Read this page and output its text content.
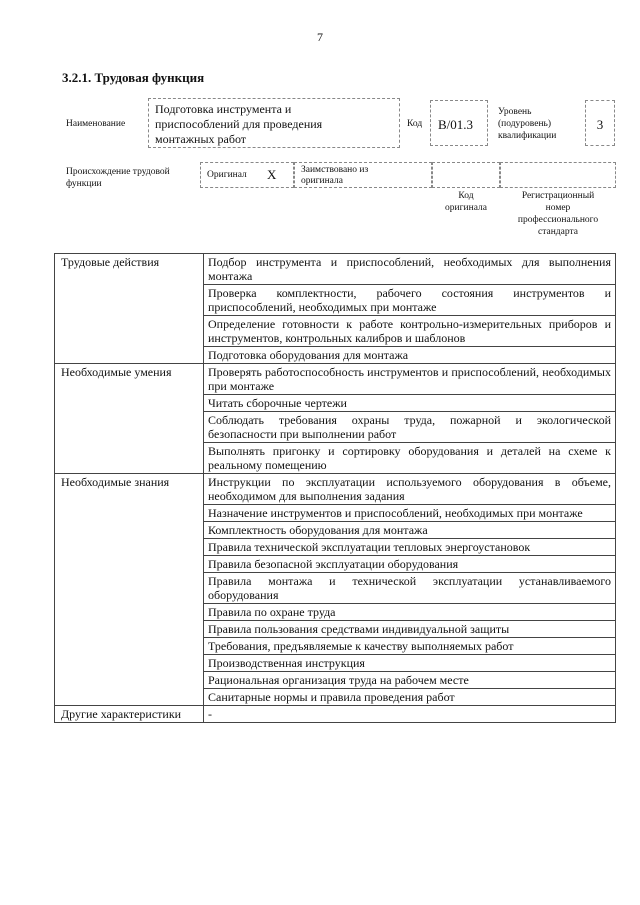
7
3.2.1. Трудовая функция
Наименование
Подготовка инструмента и
приспособлений для проведения
монтажных работ
Код B/01.3
Уровень
(подуровень)
квалификации
3
Происхождение трудовой
функции
Оригинал X	Заимствовано из
оригинала
Код
оригинала
Регистрационный
номер
профессионального
стандарта
Трудовые действия	Подбор инструмента и приспособлений, необходимых для выполнения монтажа
	Проверка комплектности, рабочего состояния инструментов и приспособлений, необходимых при монтаже
	Определение готовности к работе контрольно-измерительных приборов и инструментов, контрольных калибров и шаблонов
	Подготовка оборудования для монтажа
Необходимые умения	Проверять работоспособность инструментов и приспособлений, необходимых при монтаже
	Читать сборочные чертежи
	Соблюдать требования охраны труда, пожарной и экологической безопасности при выполнении работ
	Выполнять пригонку и сортировку оборудования и деталей на схеме к реальному помещению
Необходимые знания	Инструкции по эксплуатации используемого оборудования в объеме, необходимом для выполнения задания
	Назначение инструментов и приспособлений, необходимых при монтаже
	Комплектность оборудования для монтажа
	Правила технической эксплуатации тепловых энергоустановок
	Правила безопасной эксплуатации оборудования
	Правила монтажа и технической эксплуатации устанавливаемого оборудования
	Правила по охране труда
	Правила пользования средствами индивидуальной защиты
	Требования, предъявляемые к качеству выполняемых работ
	Производственная инструкция
	Рациональная организация труда на рабочем месте
	Санитарные нормы и правила проведения работ
Другие характеристики	-
